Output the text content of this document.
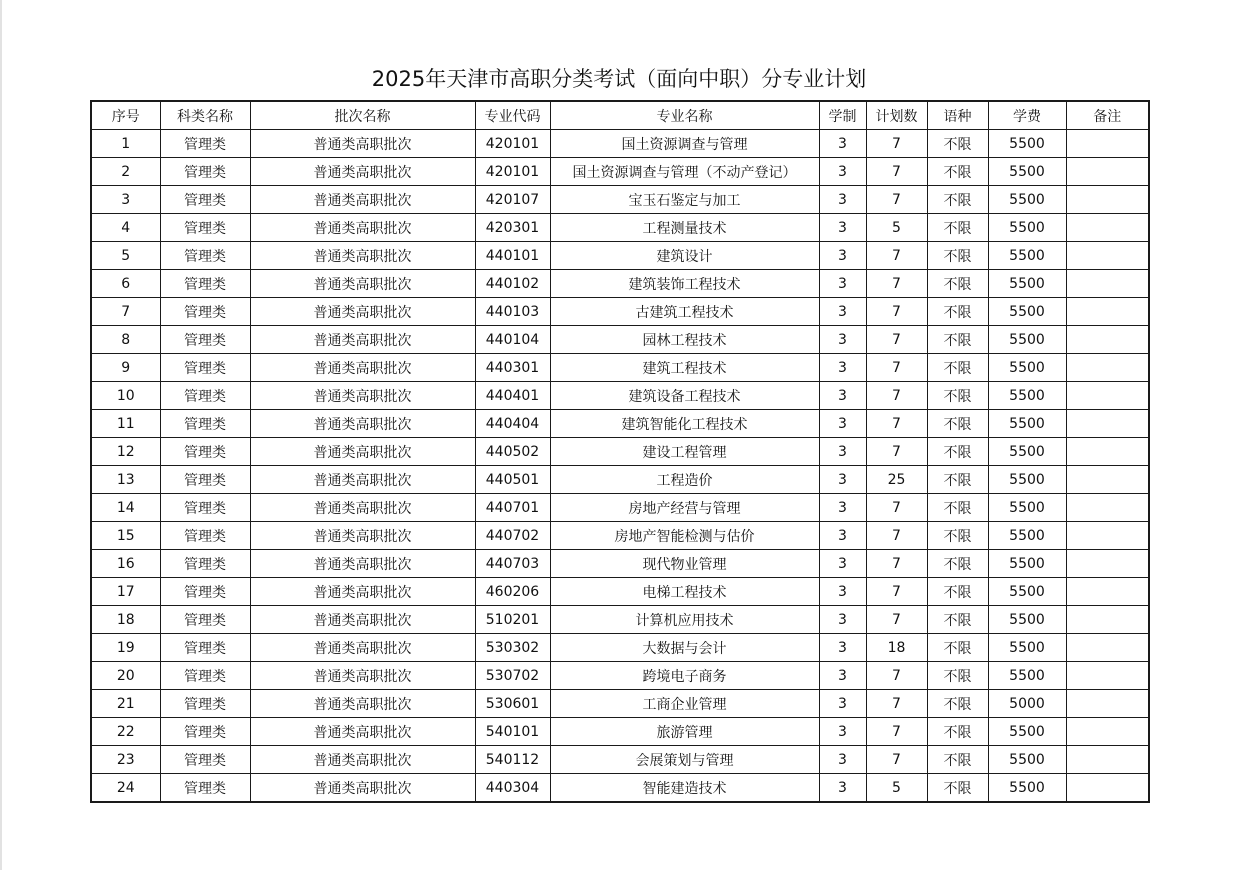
2025年天津市高职分类考试（面向中职）分专业计划
序号	科类名称	批次名称	专业代码	专业名称	学制	计划数	语种	学费	备注
1	管理类	普通类高职批次	420101	国土资源调查与管理	3	7	不限	5500	
2	管理类	普通类高职批次	420101	国土资源调查与管理（不动产登记）	3	7	不限	5500	
3	管理类	普通类高职批次	420107	宝玉石鉴定与加工	3	7	不限	5500	
4	管理类	普通类高职批次	420301	工程测量技术	3	5	不限	5500	
5	管理类	普通类高职批次	440101	建筑设计	3	7	不限	5500	
6	管理类	普通类高职批次	440102	建筑装饰工程技术	3	7	不限	5500	
7	管理类	普通类高职批次	440103	古建筑工程技术	3	7	不限	5500	
8	管理类	普通类高职批次	440104	园林工程技术	3	7	不限	5500	
9	管理类	普通类高职批次	440301	建筑工程技术	3	7	不限	5500	
10	管理类	普通类高职批次	440401	建筑设备工程技术	3	7	不限	5500	
11	管理类	普通类高职批次	440404	建筑智能化工程技术	3	7	不限	5500	
12	管理类	普通类高职批次	440502	建设工程管理	3	7	不限	5500	
13	管理类	普通类高职批次	440501	工程造价	3	25	不限	5500	
14	管理类	普通类高职批次	440701	房地产经营与管理	3	7	不限	5500	
15	管理类	普通类高职批次	440702	房地产智能检测与估价	3	7	不限	5500	
16	管理类	普通类高职批次	440703	现代物业管理	3	7	不限	5500	
17	管理类	普通类高职批次	460206	电梯工程技术	3	7	不限	5500	
18	管理类	普通类高职批次	510201	计算机应用技术	3	7	不限	5500	
19	管理类	普通类高职批次	530302	大数据与会计	3	18	不限	5500	
20	管理类	普通类高职批次	530702	跨境电子商务	3	7	不限	5500	
21	管理类	普通类高职批次	530601	工商企业管理	3	7	不限	5000	
22	管理类	普通类高职批次	540101	旅游管理	3	7	不限	5500	
23	管理类	普通类高职批次	540112	会展策划与管理	3	7	不限	5500	
24	管理类	普通类高职批次	440304	智能建造技术	3	5	不限	5500	
